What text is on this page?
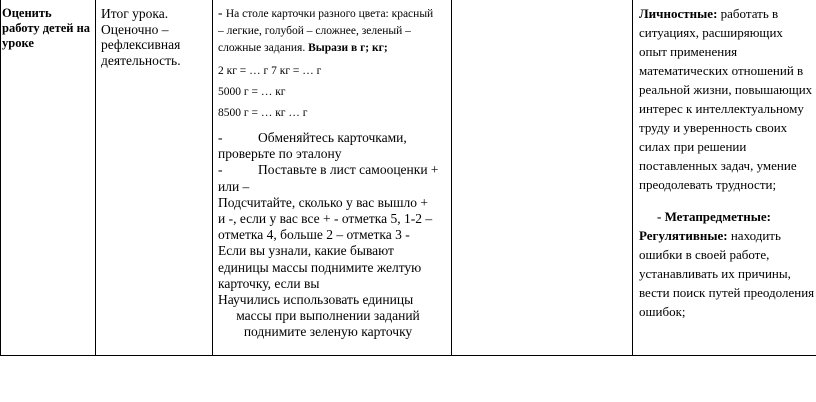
Оценить
работу детей на
уроке
Итог урока.
Оценочно –
рефлексивная
деятельность.

- На столе карточки разного цвета: красный

– легкие, голубой – сложнее, зеленый –

сложные задания. Вырази в г; кг;

2 кг = … г 7 кг = … г

5000 г = … кг

8500 г = … кг … г

-	Обменяйтесь карточками,

проверьте по эталону

-	Поставьте в лист самооценки +

или –

Подсчитайте, сколько у вас вышло +

и -, если у вас все + - отметка 5, 1-2 –

отметка 4, больше 2 – отметка 3 -

Если вы узнали, какие бывают

единицы массы поднимите желтую

карточку, если вы

Научились использовать единицы

массы при выполнении заданий

поднимите зеленую карточку

Личностные: работать в

ситуациях, расширяющих

опыт применения

математических отношений в

реальной жизни, повышающих

интерес к интеллектуальному

труду и уверенность своих

силах при решении

поставленных задач, умение

преодолевать трудности;

- Метапредметные:

Регулятивные: находить

ошибки в своей работе,

устанавливать их причины,

вести поиск путей преодоления

ошибок;
